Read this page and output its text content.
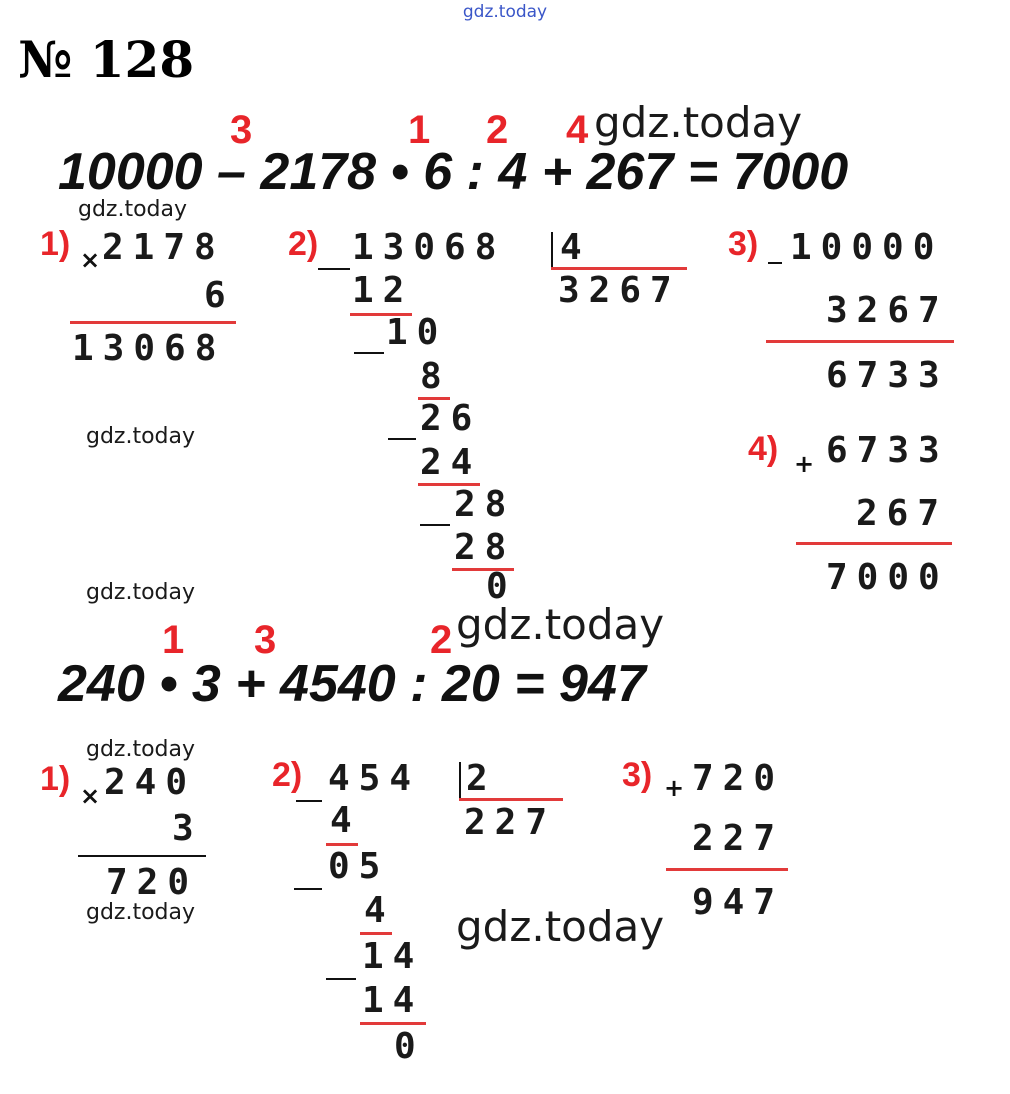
gdz.today
№ 128
3	1 2 4 gdz.today
10000 – 2178 • 6 : 4 + 267 = 7000
gdz.today
1) × 2178
6
13068
2) 13068 4
3267
12
10
8
26
24
28
28
0
3) 10000
3267
6733
gdz.today	4) + 6733
267
7000
gdz.today
1 3	2 gdz.today
240 • 3 + 4540 : 20 = 947
gdz.today
1) × 240
3
720
gdz.today
2) 454 2
227
4
05
4
14
14
0
3) + 720
227
947
gdz.today
